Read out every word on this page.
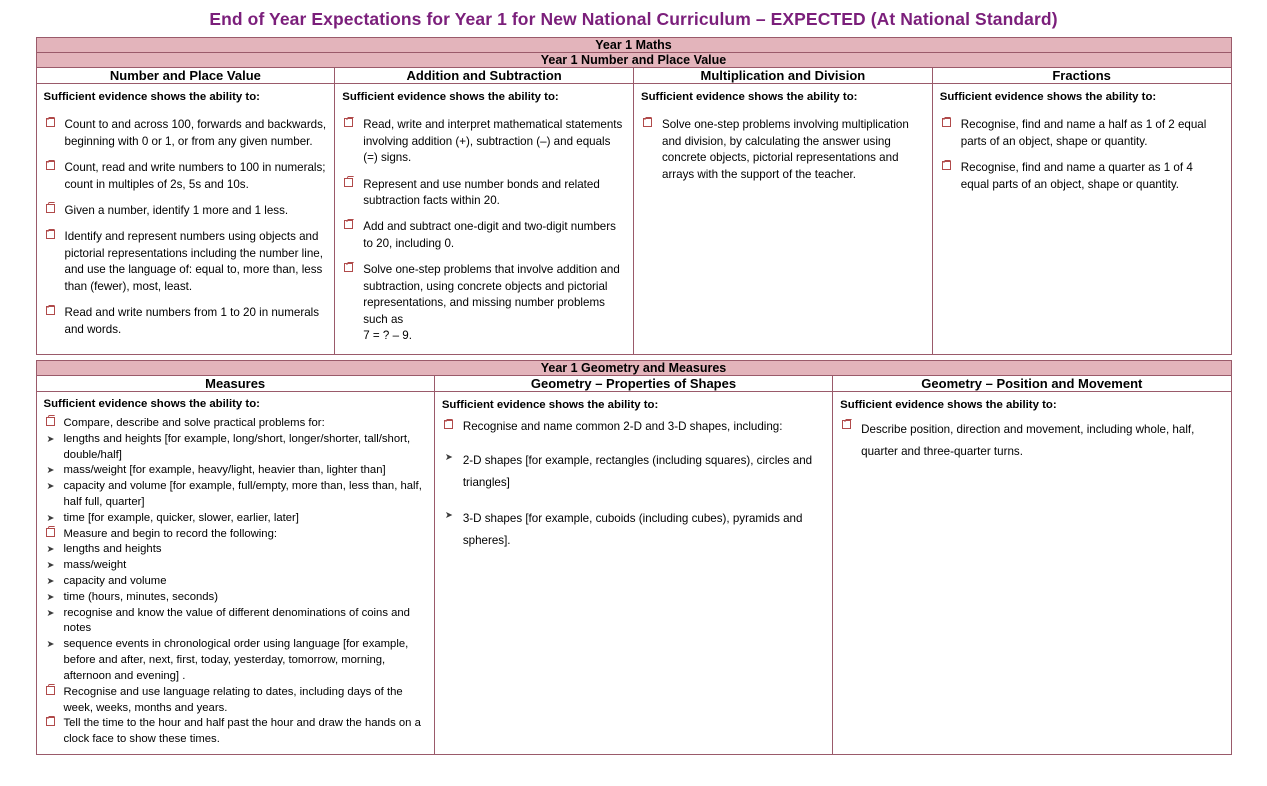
End of Year Expectations for Year 1 for New National Curriculum – EXPECTED (At National Standard)
Year 1 Maths			
Year 1 Number and Place Value			
Number and Place Value	Addition and Subtraction	Multiplication and Division	Fractions

Sufficient evidence shows the ability to:
Count to and across 100, forwards and backwards, beginning with 0 or 1, or from any given number.
Count, read and write numbers to 100 in numerals; count in multiples of 2s, 5s and 10s.
Given a number, identify 1 more and 1 less.
Identify and represent numbers using objects and pictorial representations including the number line, and use the language of: equal to, more than, less than (fewer), most, least.
Read and write numbers from 1 to 20 in numerals and words.

Sufficient evidence shows the ability to:
Read, write and interpret mathematical statements involving addition (+), subtraction (–) and equals (=) signs.
Represent and use number bonds and related subtraction facts within 20.
Add and subtract one-digit and two-digit numbers to 20, including 0.
Solve one-step problems that involve addition and subtraction, using concrete objects and pictorial representations, and missing number problems such as
7 = ? – 9.

Sufficient evidence shows the ability to:
Solve one-step problems involving multiplication and division, by calculating the answer using concrete objects, pictorial representations and arrays with the support of the teacher.

Sufficient evidence shows the ability to:
Recognise, find and name a half as 1 of 2 equal parts of an object, shape or quantity.
Recognise, find and name a quarter as 1 of 4 equal parts of an object, shape or quantity.
Year 1 Geometry and Measures		
Measures	Geometry – Properties of Shapes	Geometry – Position and Movement

Sufficient evidence shows the ability to:
Compare, describe and solve practical problems for:
➤ lengths and heights [for example, long/short, longer/shorter, tall/short, double/half]
➤ mass/weight [for example, heavy/light, heavier than, lighter than]
➤ capacity and volume [for example, full/empty, more than, less than, half, half full, quarter]
➤ time [for example, quicker, slower, earlier, later]
Measure and begin to record the following:
➤ lengths and heights
➤ mass/weight
➤ capacity and volume
➤ time (hours, minutes, seconds)
➤ recognise and know the value of different denominations of coins and notes
➤ sequence events in chronological order using language [for example, before and after, next, first, today, yesterday, tomorrow, morning, afternoon and evening] .
Recognise and use language relating to dates, including days of the week, weeks, months and years.
Tell the time to the hour and half past the hour and draw the hands on a clock face to show these times.

Sufficient evidence shows the ability to:
Recognise and name common 2-D and 3-D shapes, including:
➤ 2-D shapes [for example, rectangles (including squares), circles and triangles]
➤ 3-D shapes [for example, cuboids (including cubes), pyramids and spheres].

Sufficient evidence shows the ability to:
Describe position, direction and movement, including whole, half, quarter and three-quarter turns.
